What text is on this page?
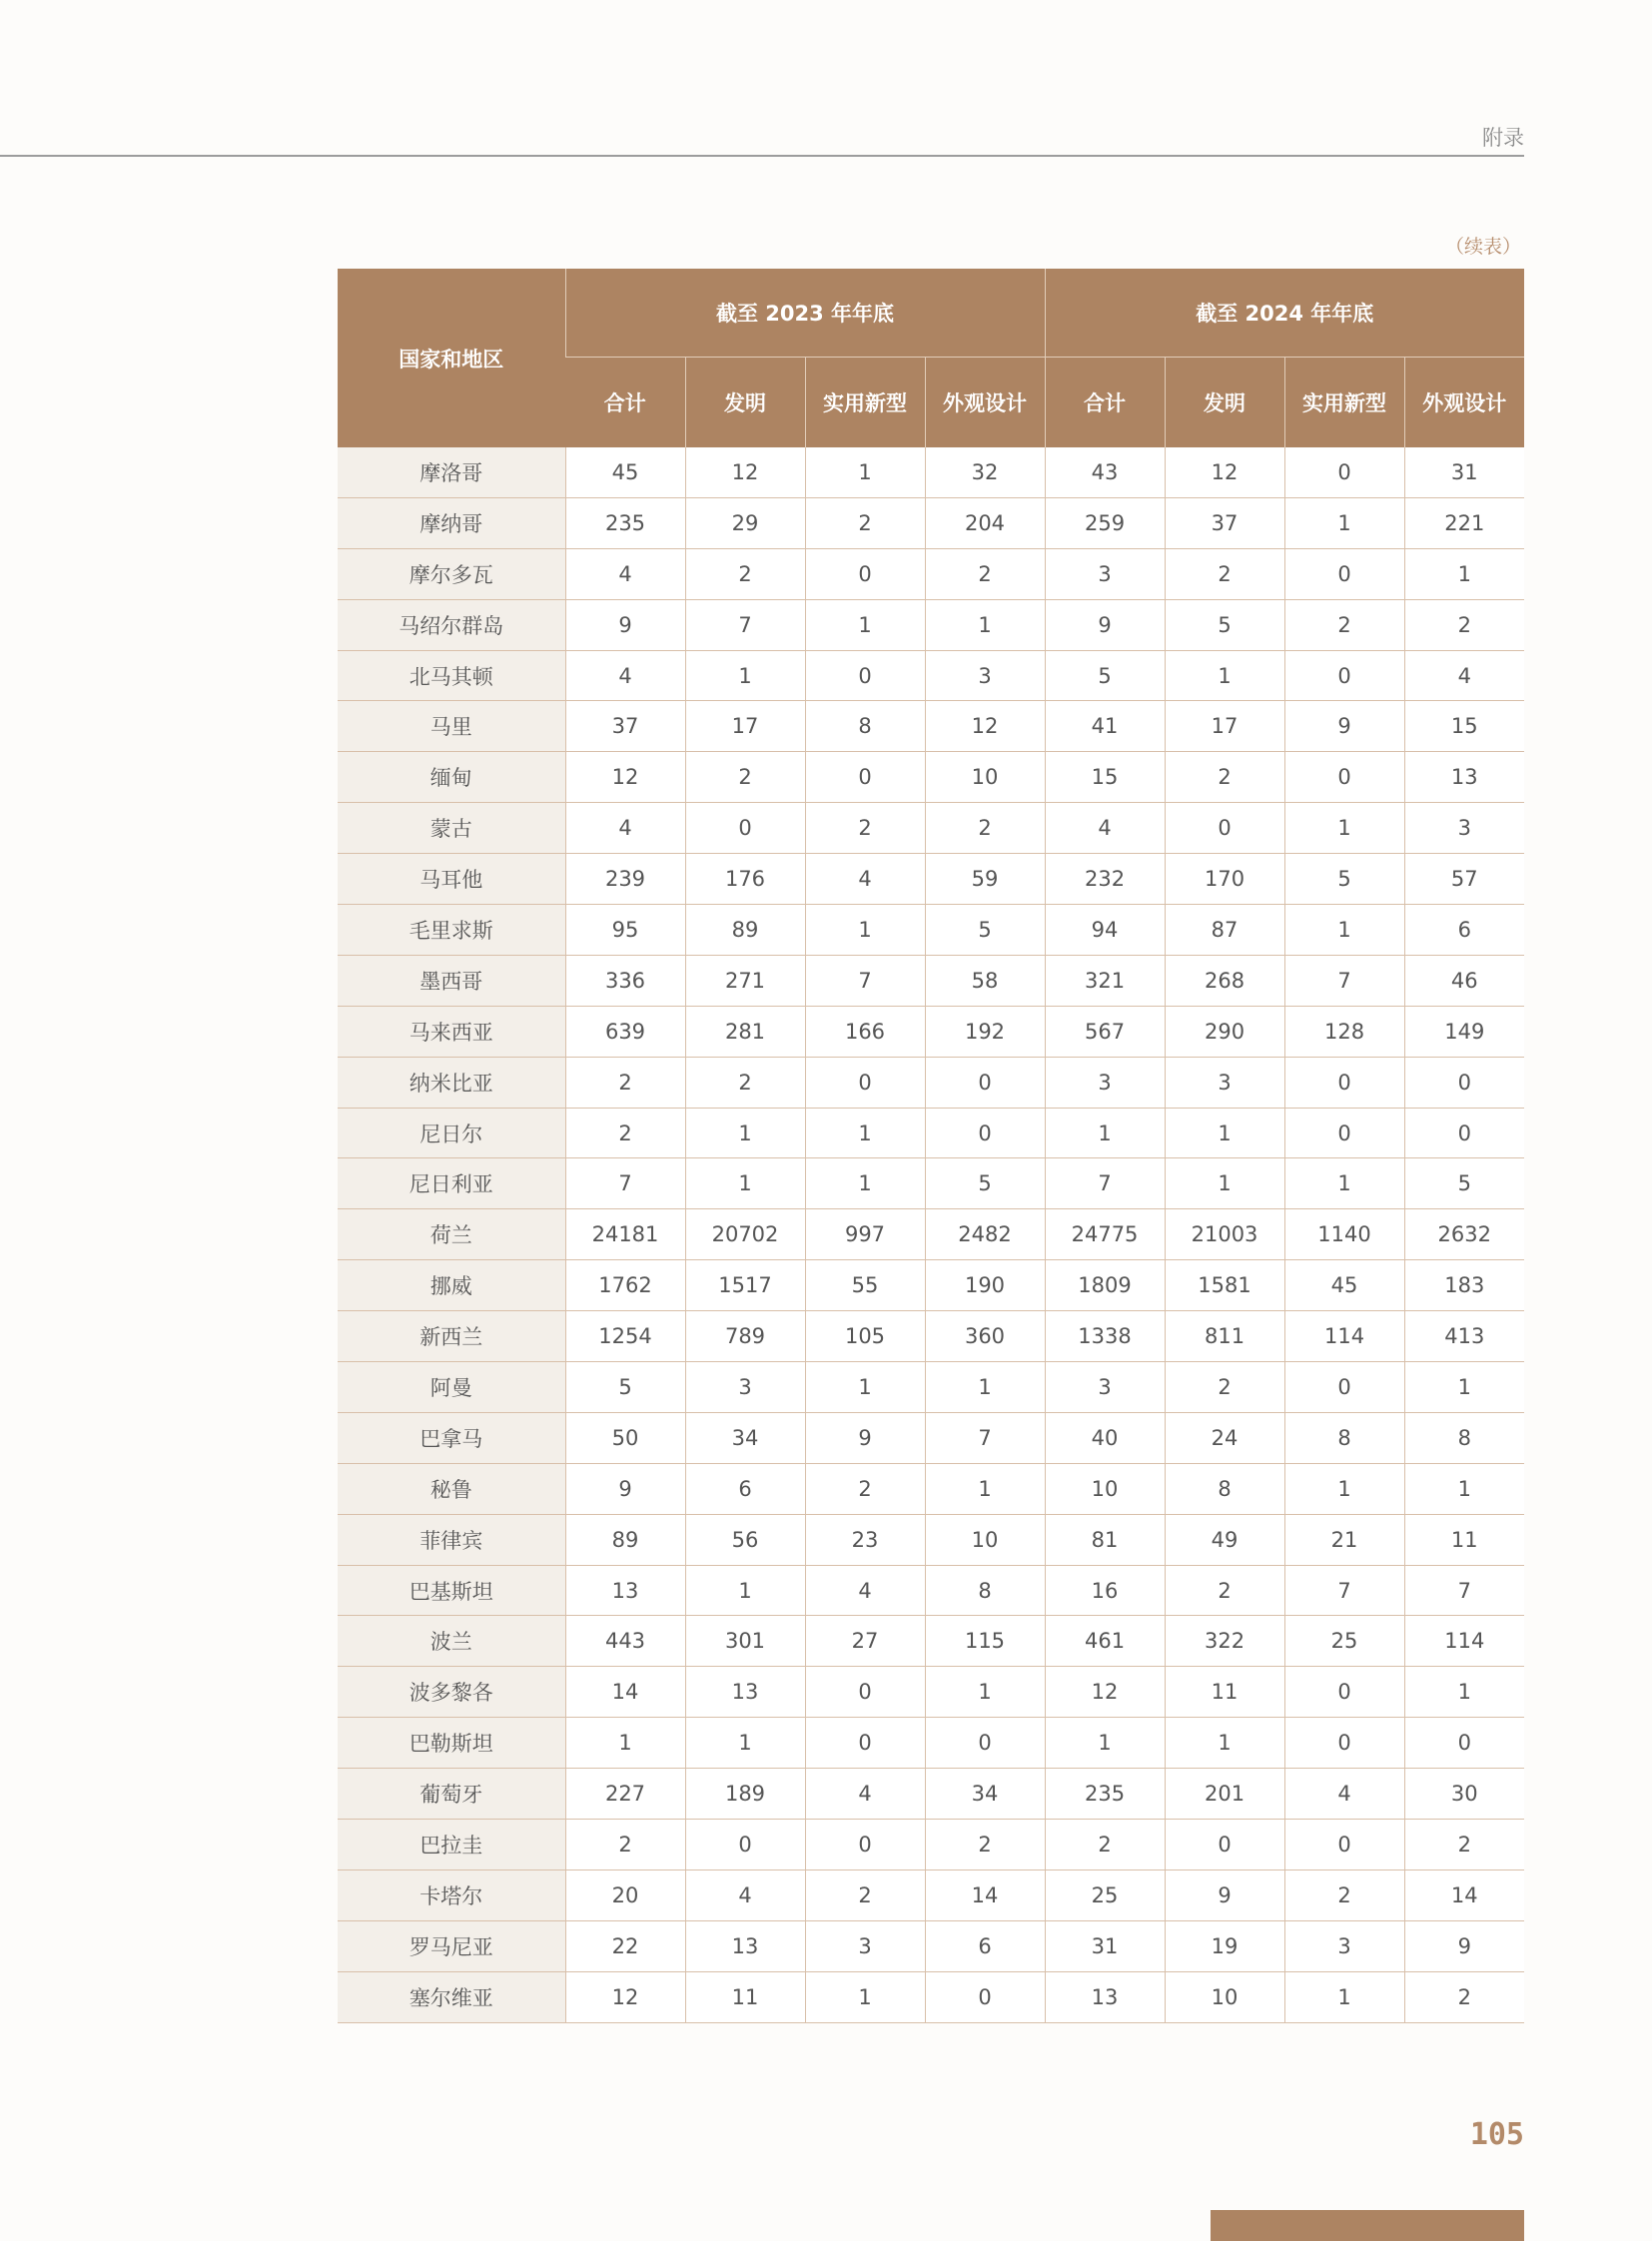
附录
（续表）
国家和地区	截至 2023 年年底				截至 2024 年年底			
	合计	发明	实用新型	外观设计	合计	发明	实用新型	外观设计
摩洛哥	45	12	1	32	43	12	0	31
摩纳哥	235	29	2	204	259	37	1	221
摩尔多瓦	4	2	0	2	3	2	0	1
马绍尔群岛	9	7	1	1	9	5	2	2
北马其顿	4	1	0	3	5	1	0	4
马里	37	17	8	12	41	17	9	15
缅甸	12	2	0	10	15	2	0	13
蒙古	4	0	2	2	4	0	1	3
马耳他	239	176	4	59	232	170	5	57
毛里求斯	95	89	1	5	94	87	1	6
墨西哥	336	271	7	58	321	268	7	46
马来西亚	639	281	166	192	567	290	128	149
纳米比亚	2	2	0	0	3	3	0	0
尼日尔	2	1	1	0	1	1	0	0
尼日利亚	7	1	1	5	7	1	1	5
荷兰	24181	20702	997	2482	24775	21003	1140	2632
挪威	1762	1517	55	190	1809	1581	45	183
新西兰	1254	789	105	360	1338	811	114	413
阿曼	5	3	1	1	3	2	0	1
巴拿马	50	34	9	7	40	24	8	8
秘鲁	9	6	2	1	10	8	1	1
菲律宾	89	56	23	10	81	49	21	11
巴基斯坦	13	1	4	8	16	2	7	7
波兰	443	301	27	115	461	322	25	114
波多黎各	14	13	0	1	12	11	0	1
巴勒斯坦	1	1	0	0	1	1	0	0
葡萄牙	227	189	4	34	235	201	4	30
巴拉圭	2	0	0	2	2	0	0	2
卡塔尔	20	4	2	14	25	9	2	14
罗马尼亚	22	13	3	6	31	19	3	9
塞尔维亚	12	11	1	0	13	10	1	2
105
